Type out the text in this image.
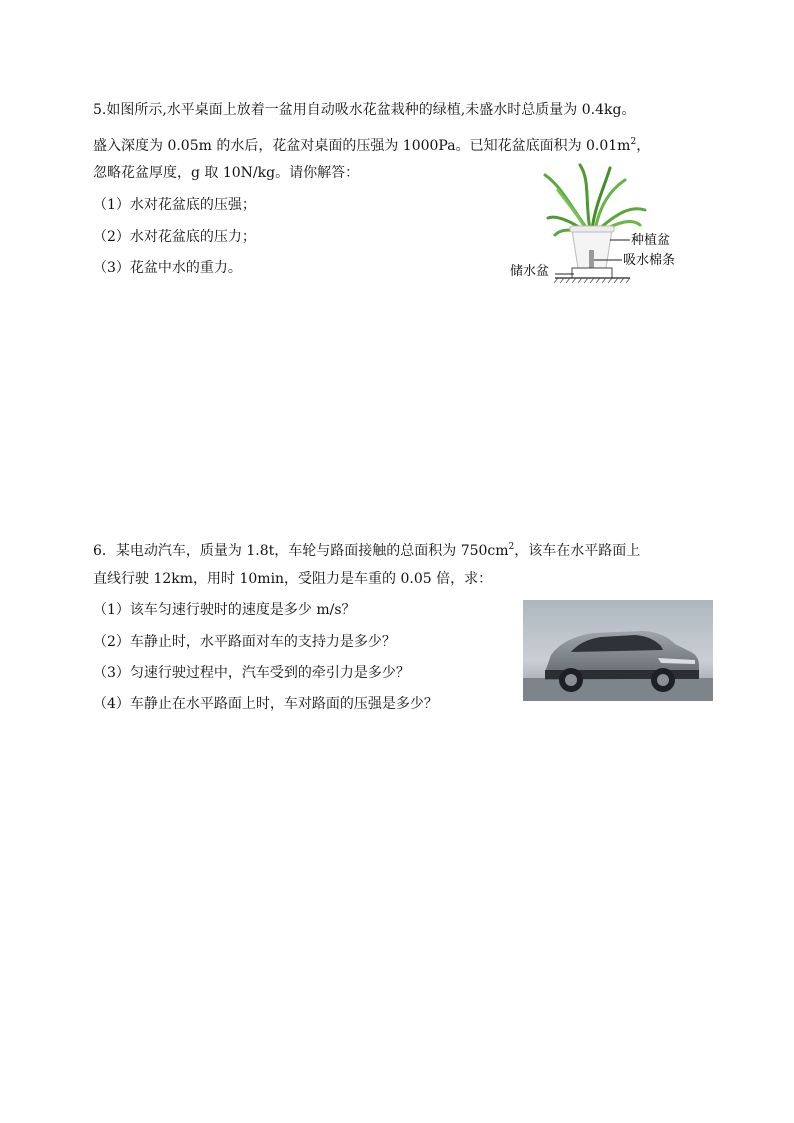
5.如图所示,水平桌面上放着一盆用自动吸水花盆栽种的绿植,未盛水时总质量为 0.4kg。
盛入深度为 0.05m 的水后，花盆对桌面的压强为 1000Pa。已知花盆底面积为 $0.01m^2$，
忽略花盆厚度，g 取 10N/kg。请你解答：
（1）水对花盆底的压强；
（2）水对花盆底的压力；
（3）花盆中水的重力。
种植盆
吸水棉条
储水盆
6．某电动汽车，质量为 1.8t，车轮与路面接触的总面积为 $750cm^2$，该车在水平路面上
直线行驶 12km，用时 10min，受阻力是车重的 0.05 倍，求：
（1）该车匀速行驶时的速度是多少 m/s？
（2）车静止时，水平路面对车的支持力是多少？
（3）匀速行驶过程中，汽车受到的牵引力是多少？
（4）车静止在水平路面上时，车对路面的压强是多少？
